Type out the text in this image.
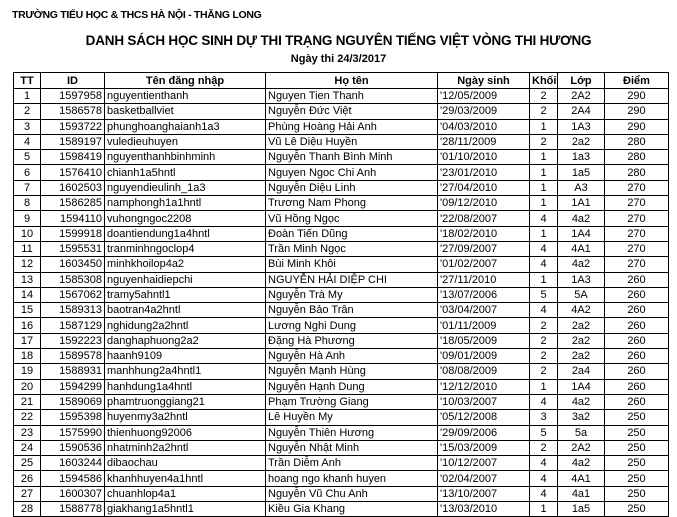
TRƯỜNG TIỂU HỌC & THCS HÀ NỘI - THĂNG LONG
DANH SÁCH HỌC SINH DỰ THI TRẠNG NGUYÊN TIẾNG VIỆT VÒNG THI HƯƠNG
Ngày thi 24/3/2017
TT	ID	Tên đăng nhập	Họ tên	Ngày sinh	Khối	Lớp	Điểm
1	1597958	nguyentienthanh	Nguyen Tien Thanh	'12/05/2009	2	2A2	290
2	1586578	basketballviet	Nguyễn Đức Việt	'29/03/2009	2	2A4	290
3	1593722	phunghoanghaianh1a3	Phùng Hoàng Hải Anh	'04/03/2010	1	1A3	290
4	1589197	vuledieuhuyen	Vũ Lê Diệu Huyền	'28/11/2009	2	2a2	280
5	1598419	nguyenthanhbinhminh	Nguyễn Thanh Bình Minh	'01/10/2010	1	1a3	280
6	1576410	chianh1a5hntl	Nguyen Ngoc Chi Anh	'23/01/2010	1	1a5	280
7	1602503	nguyendieulinh_1a3	Nguyễn Diệu Linh	'27/04/2010	1	A3	270
8	1586285	namphongh1a1hntl	Trương Nam Phong	'09/12/2010	1	1A1	270
9	1594110	vuhongngoc2208	Vũ Hồng Ngọc	'22/08/2007	4	4a2	270
10	1599918	doantiendung1a4hntl	Đoàn Tiến Dũng	'18/02/2010	1	1A4	270
11	1595531	tranminhngoclop4	Trần Minh Ngọc	'27/09/2007	4	4A1	270
12	1603450	minhkhoilop4a2	Bùi Minh Khôi	'01/02/2007	4	4a2	270
13	1585308	nguyenhaidiepchi	NGUYỄN HẢI DIỆP CHI	'27/11/2010	1	1A3	260
14	1567062	tramy5ahntl1	Nguyễn Trà My	'13/07/2006	5	5A	260
15	1589313	baotran4a2hntl	Nguyễn Bảo Trân	'03/04/2007	4	4A2	260
16	1587129	nghidung2a2hntl	Lương Nghi Dung	'01/11/2009	2	2a2	260
17	1592223	danghaphuong2a2	Đặng Hà Phương	'18/05/2009	2	2a2	260
18	1589578	haanh9109	Nguyễn Hà Anh	'09/01/2009	2	2a2	260
19	1588931	manhhung2a4hntl1	Nguyễn Mạnh Hùng	'08/08/2009	2	2a4	260
20	1594299	hanhdung1a4hntl	Nguyễn Hạnh Dung	'12/12/2010	1	1A4	260
21	1589069	phamtruonggiang21	Phạm Trường Giang	'10/03/2007	4	4a2	260
22	1595398	huyenmy3a2hntl	Lê Huyền My	'05/12/2008	3	3a2	250
23	1575990	thienhuong92006	Nguyễn Thiên Hương	'29/09/2006	5	5a	250
24	1590536	nhatminh2a2hntl	Nguyễn Nhật Minh	'15/03/2009	2	2A2	250
25	1603244	dibaochau	Trần Diễm Anh	'10/12/2007	4	4a2	250
26	1594586	khanhhuyen4a1hntl	hoang ngo khanh huyen	'02/04/2007	4	4A1	250
27	1600307	chuanhlop4a1	Nguyễn Vũ Chu Anh	'13/10/2007	4	4a1	250
28	1588778	giakhang1a5hntl1	Kiều Gia Khang	'13/03/2010	1	1a5	250
